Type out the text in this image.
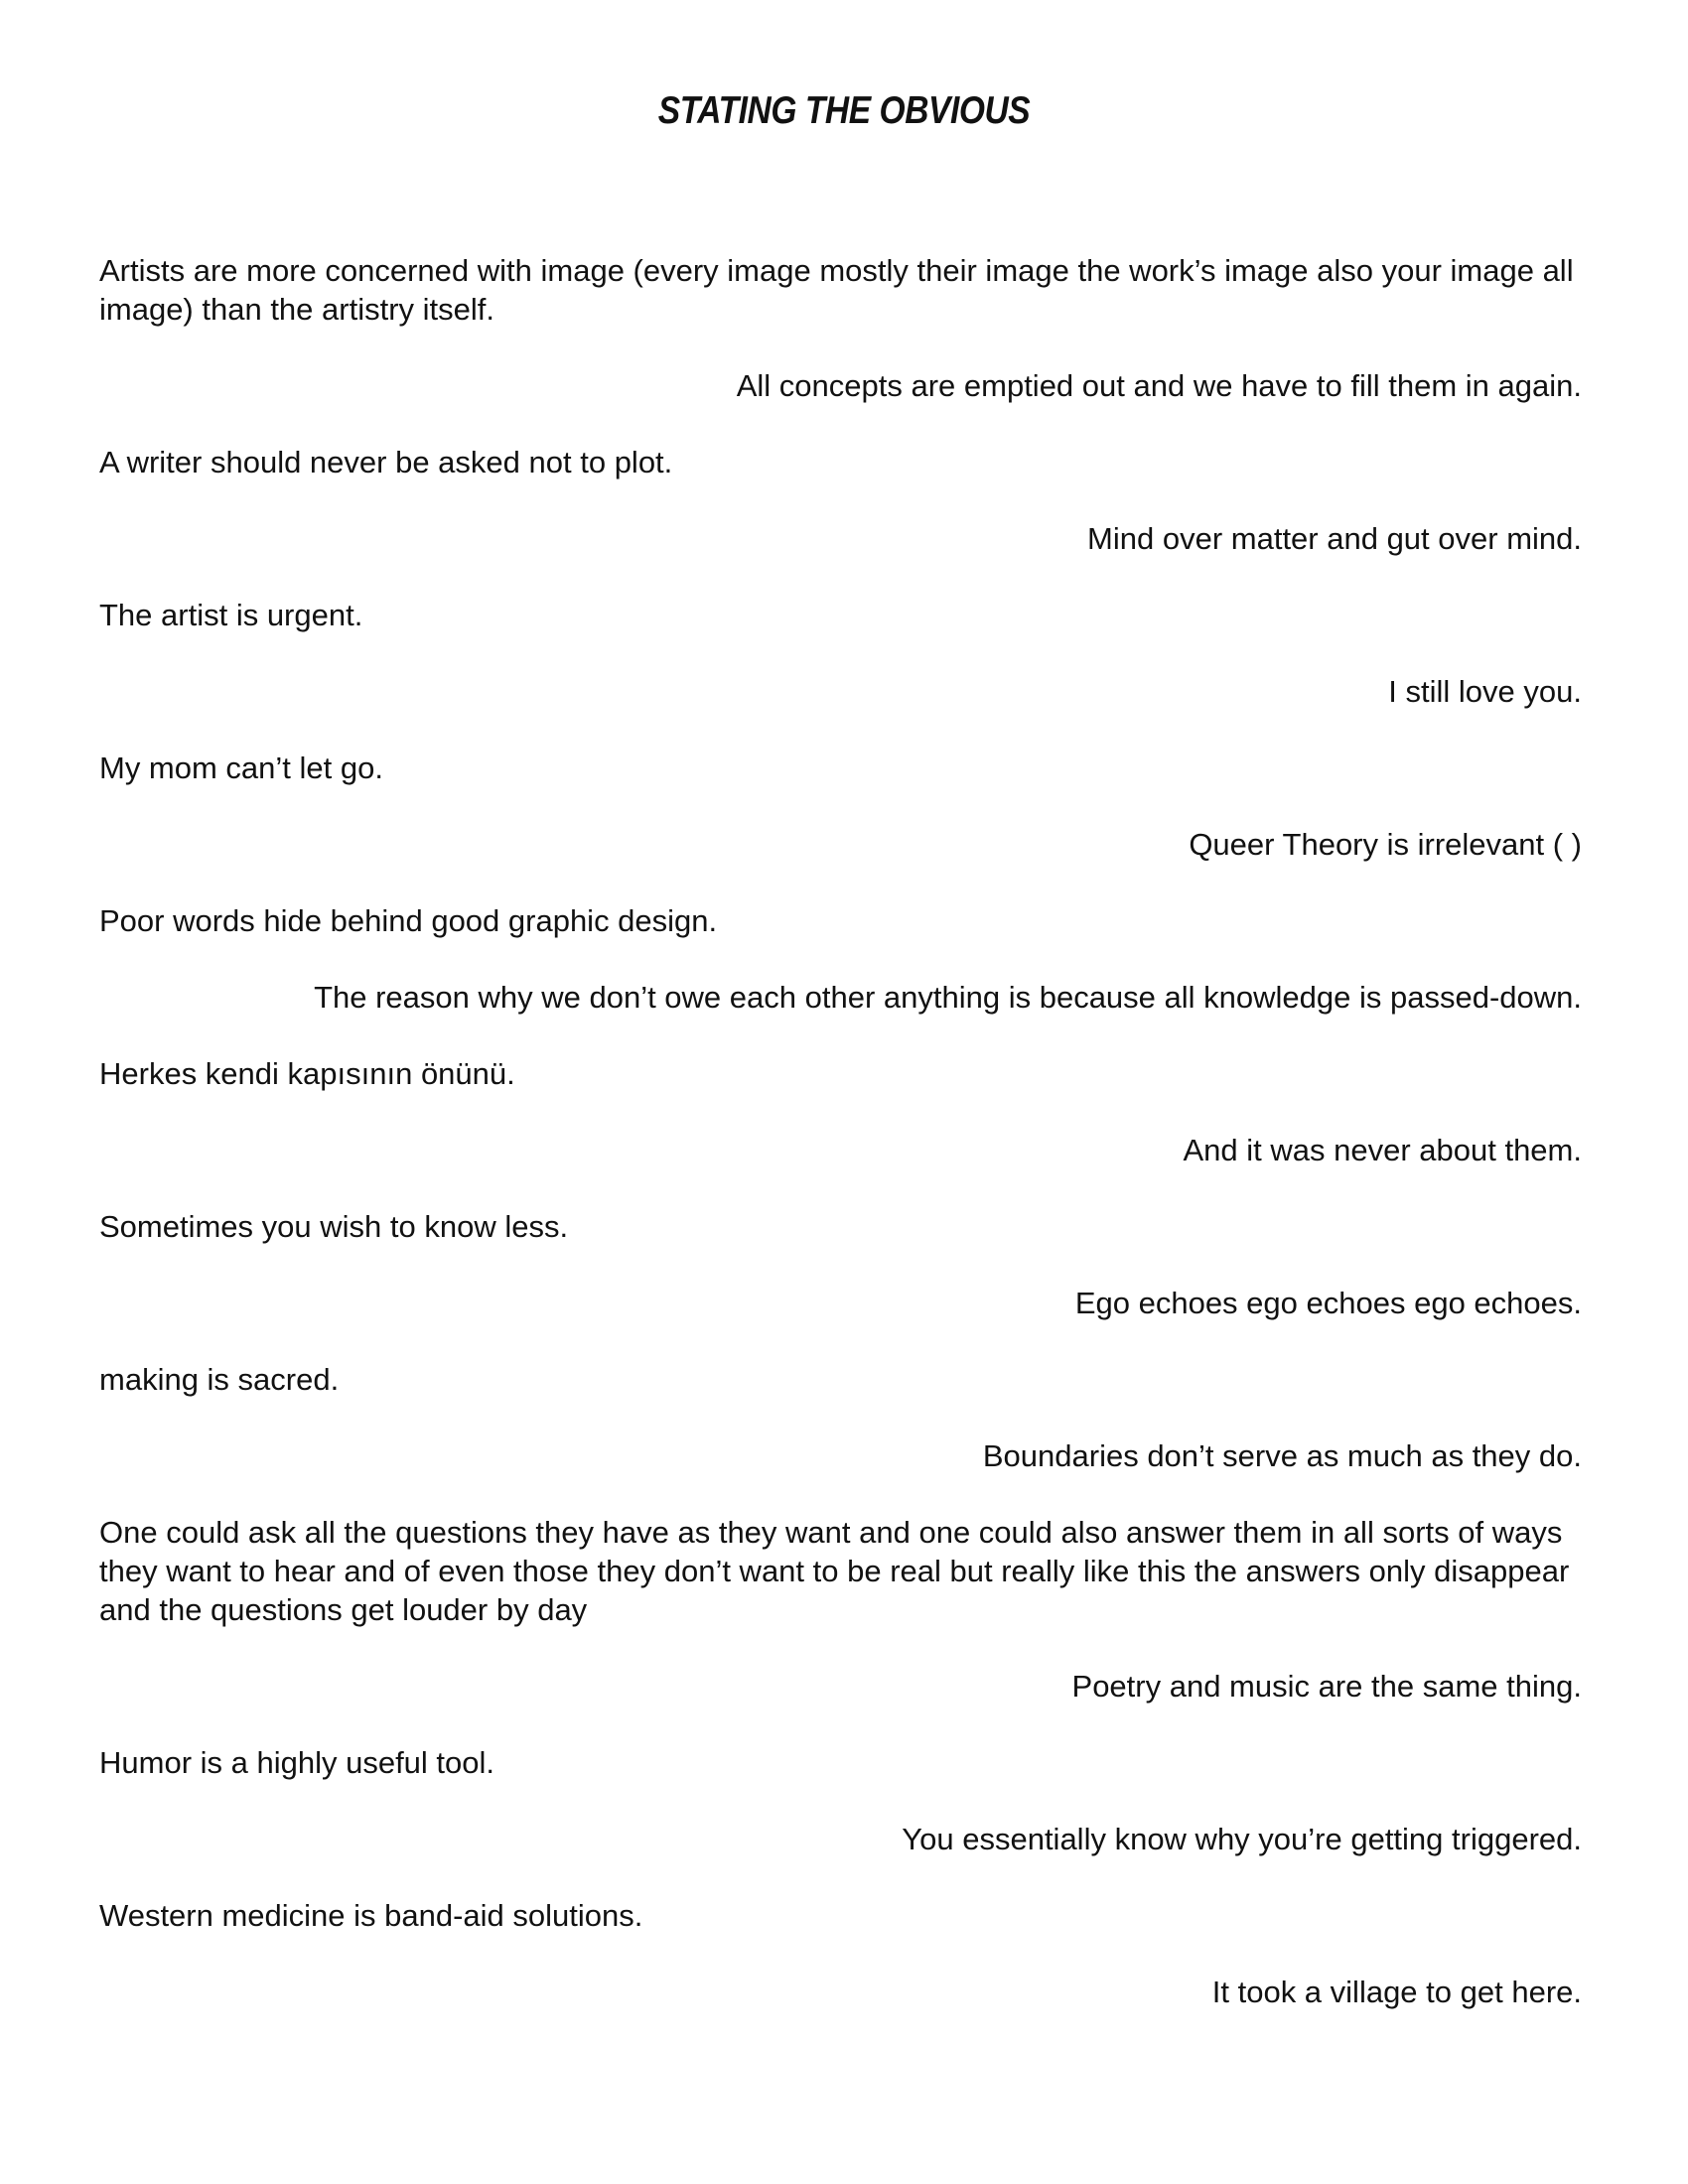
STATING THE OBVIOUS

Artists are more concerned with image (every image mostly their image the work’s image also your image all image) than the artistry itself.

All concepts are emptied out and we have to fill them in again.

A writer should never be asked not to plot.

Mind over matter and gut over mind.

The artist is urgent.

I still love you.

My mom can’t let go.

Queer Theory is irrelevant ( )

Poor words hide behind good graphic design.

The reason why we don’t owe each other anything is because all knowledge is passed-down.

Herkes kendi kapısının önünü.

And it was never about them.

Sometimes you wish to know less.

Ego echoes ego echoes ego echoes.

making is sacred.

Boundaries don’t serve as much as they do.

One could ask all the questions they have as they want and one could also answer them in all sorts of ways they want to hear and of even those they don’t want to be real but really like this the answers only disappear and the questions get louder by day

Poetry and music are the same thing.

Humor is a highly useful tool.

You essentially know why you’re getting triggered.

Western medicine is band-aid solutions.

It took a village to get here.
